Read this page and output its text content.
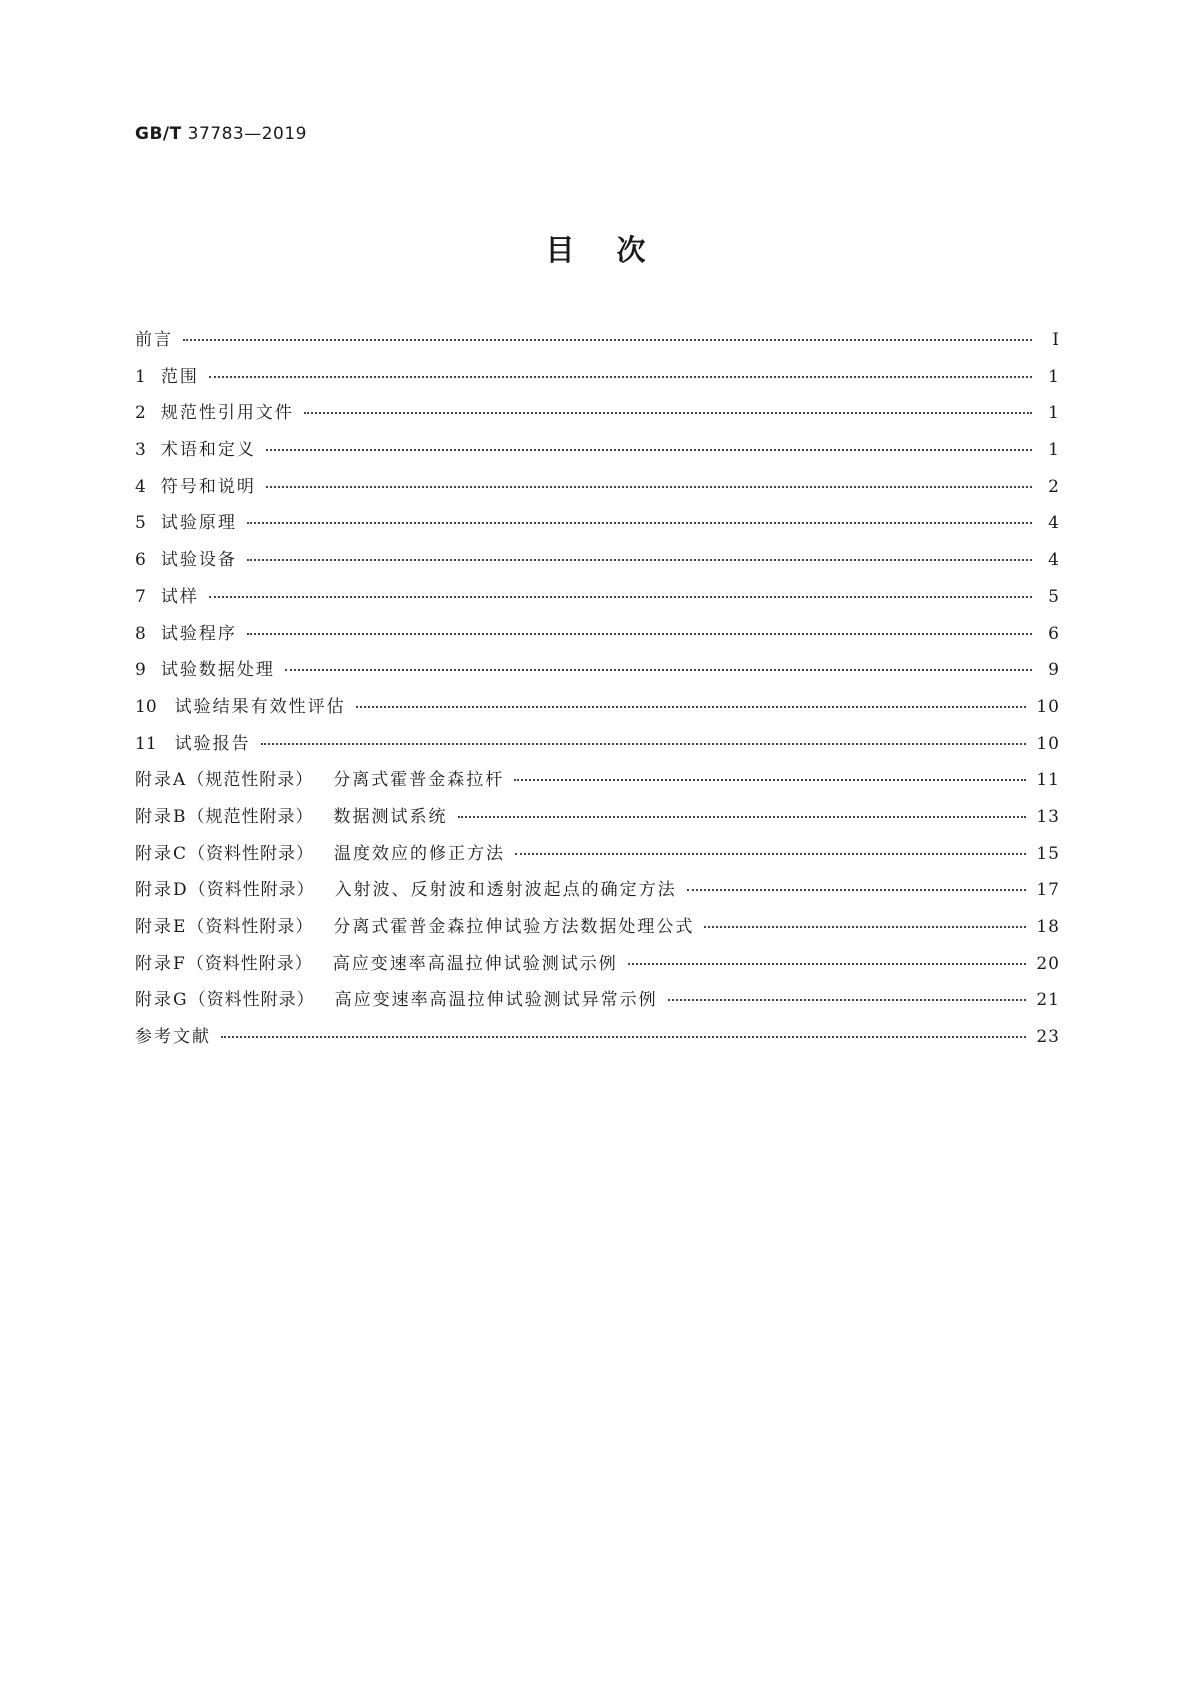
GB/T 37783—2019
目次
前言	Ⅰ
1 范围	1
2 规范性引用文件	1
3 术语和定义	1
4 符号和说明	2
5 试验原理	4
6 试验设备	4
7 试样	5
8 试验程序	6
9 试验数据处理	9
10 试验结果有效性评估	10
11 试验报告	10
附录A （规范性附录） 分离式霍普金森拉杆	11
附录B （规范性附录） 数据测试系统	13
附录C （资料性附录） 温度效应的修正方法	15
附录D （资料性附录） 入射波、反射波和透射波起点的确定方法	17
附录E （资料性附录） 分离式霍普金森拉伸试验方法数据处理公式	18
附录F （资料性附录） 高应变速率高温拉伸试验测试示例	20
附录G （资料性附录） 高应变速率高温拉伸试验测试异常示例	21
参考文献	23
